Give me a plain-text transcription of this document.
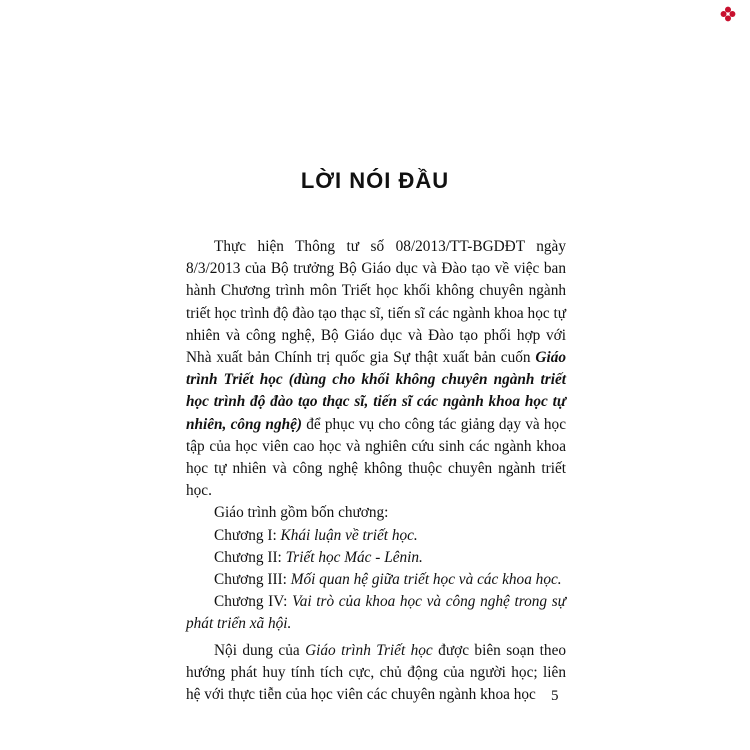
LỜI NÓI ĐẦU

Thực hiện Thông tư số 08/2013/TT-BGDĐT ngày 8/3/2013 của Bộ trưởng Bộ Giáo dục và Đào tạo về việc ban hành Chương trình môn Triết học khối không chuyên ngành triết học trình độ đào tạo thạc sĩ, tiến sĩ các ngành khoa học tự nhiên và công nghệ, Bộ Giáo dục và Đào tạo phối hợp với Nhà xuất bản Chính trị quốc gia Sự thật xuất bản cuốn Giáo trình Triết học (dùng cho khối không chuyên ngành triết học trình độ đào tạo thạc sĩ, tiến sĩ các ngành khoa học tự nhiên, công nghệ) để phục vụ cho công tác giảng dạy và học tập của học viên cao học và nghiên cứu sinh các ngành khoa học tự nhiên và công nghệ không thuộc chuyên ngành triết học.

Giáo trình gồm bốn chương:

Chương I: Khái luận về triết học.

Chương II: Triết học Mác - Lênin.

Chương III: Mối quan hệ giữa triết học và các khoa học.

Chương IV: Vai trò của khoa học và công nghệ trong sự phát triển xã hội.

Nội dung của Giáo trình Triết học được biên soạn theo hướng phát huy tính tích cực, chủ động của người học; liên hệ với thực tiễn của học viên các chuyên ngành khoa học	5
